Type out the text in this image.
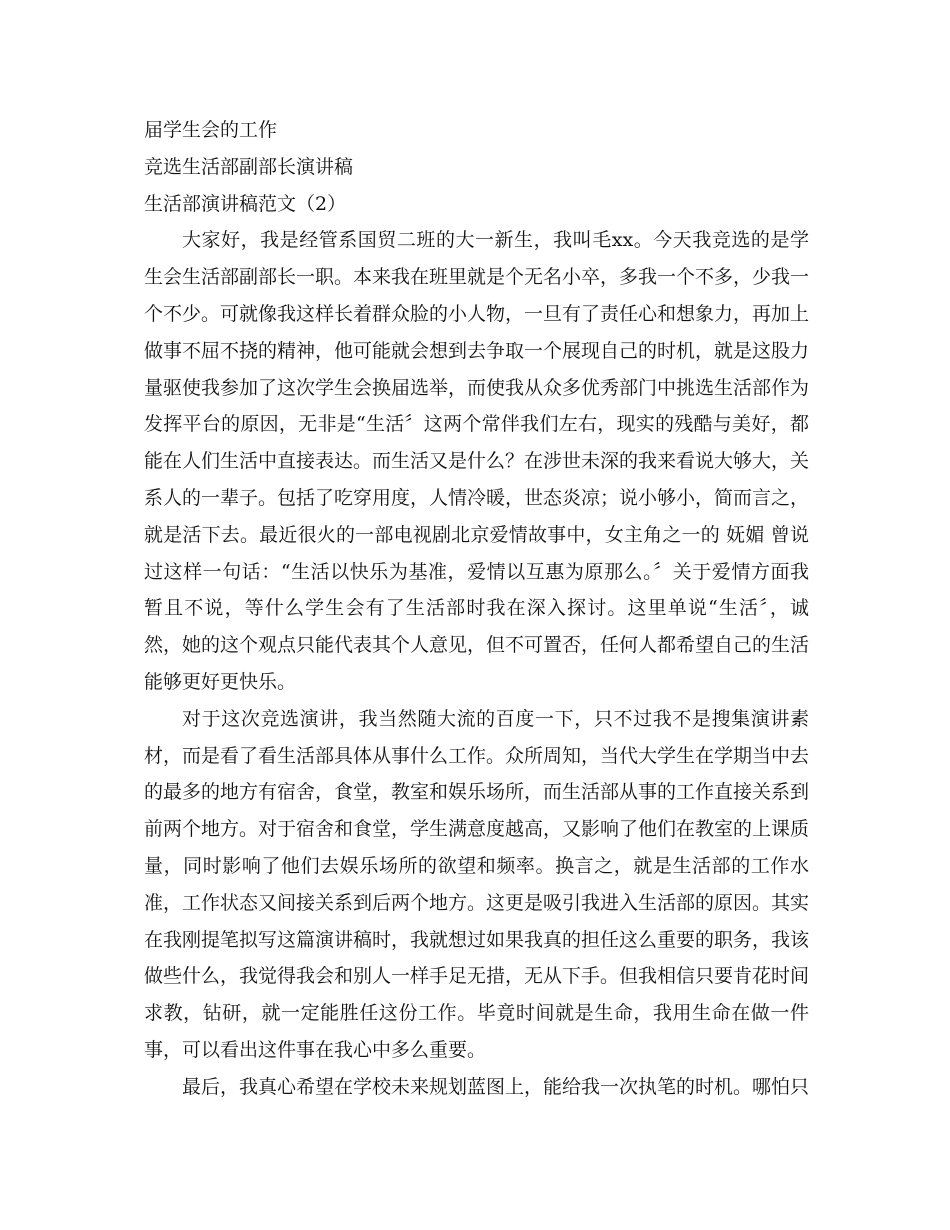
届学生会的工作

竞选生活部副部长演讲稿

生活部演讲稿范文（2）

大家好，我是经管系国贸二班的大一新生，我叫毛xx。今天我竞选的是学生会生活部副部长一职。本来我在班里就是个无名小卒，多我一个不多，少我一个不少。可就像我这样长着群众脸的小人物，一旦有了责任心和想象力，再加上做事不屈不挠的精神，他可能就会想到去争取一个展现自己的时机，就是这股力量驱使我参加了这次学生会换届选举，而使我从众多优秀部门中挑选生活部作为发挥平台的原因，无非是“生活〞这两个常伴我们左右，现实的残酷与美好，都能在人们生活中直接表达。而生活又是什么？在涉世未深的我来看说大够大，关系人的一辈子。包括了吃穿用度，人情冷暖，世态炎凉；说小够小，简而言之，就是活下去。最近很火的一部电视剧北京爱情故事中，女主角之一的 妩媚 曾说过这样一句话：“生活以快乐为基准，爱情以互惠为原那么。〞关于爱情方面我暂且不说，等什么学生会有了生活部时我在深入探讨。这里单说“生活〞，诚然，她的这个观点只能代表其个人意见，但不可置否，任何人都希望自己的生活能够更好更快乐。

对于这次竞选演讲，我当然随大流的百度一下，只不过我不是搜集演讲素材，而是看了看生活部具体从事什么工作。众所周知，当代大学生在学期当中去的最多的地方有宿舍，食堂，教室和娱乐场所，而生活部从事的工作直接关系到前两个地方。对于宿舍和食堂，学生满意度越高，又影响了他们在教室的上课质量，同时影响了他们去娱乐场所的欲望和频率。换言之，就是生活部的工作水准，工作状态又间接关系到后两个地方。这更是吸引我进入生活部的原因。其实在我刚提笔拟写这篇演讲稿时，我就想过如果我真的担任这么重要的职务，我该做些什么，我觉得我会和别人一样手足无措，无从下手。但我相信只要肯花时间求教，钻研，就一定能胜任这份工作。毕竟时间就是生命，我用生命在做一件事，可以看出这件事在我心中多么重要。

最后，我真心希望在学校未来规划蓝图上，能给我一次执笔的时机。哪怕只
